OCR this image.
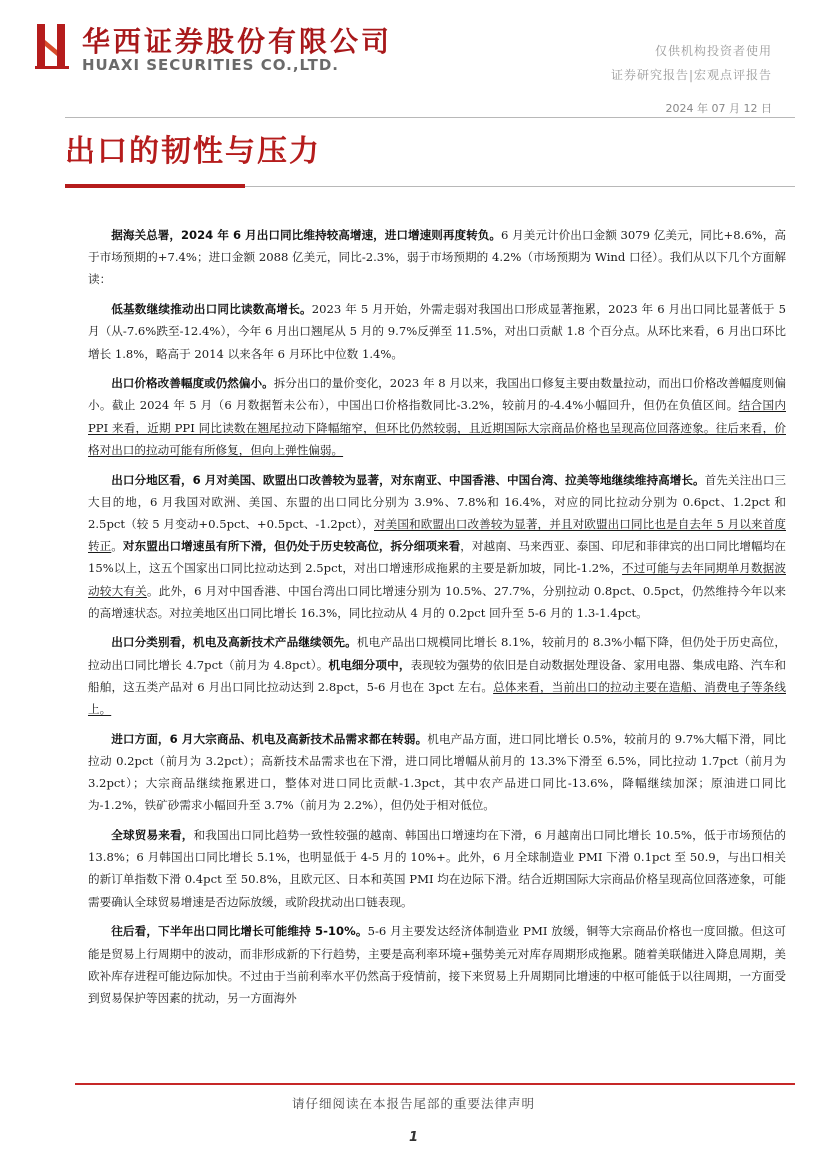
华西证券股份有限公司
HUAXI SECURITIES CO.,LTD.
仅供机构投资者使用
证券研究报告|宏观点评报告
2024 年 07 月 12 日
出口的韧性与压力

据海关总署，2024 年 6 月出口同比维持较高增速，进口增速则再度转负。6 月美元计价出口金额 3079 亿美元，同比+8.6%，高于市场预期的+7.4%；进口金额 2088 亿美元，同比-2.3%，弱于市场预期的 4.2%（市场预期为 Wind 口径）。我们从以下几个方面解读：

低基数继续推动出口同比读数高增长。2023 年 5 月开始，外需走弱对我国出口形成显著拖累，2023 年 6 月出口同比显著低于 5 月（从-7.6%跌至-12.4%），今年 6 月出口翘尾从 5 月的 9.7%反弹至 11.5%，对出口贡献 1.8 个百分点。从环比来看，6 月出口环比增长 1.8%，略高于 2014 以来各年 6 月环比中位数 1.4%。

出口价格改善幅度或仍然偏小。拆分出口的量价变化，2023 年 8 月以来，我国出口修复主要由数量拉动，而出口价格改善幅度则偏小。截止 2024 年 5 月（6 月数据暂未公布），中国出口价格指数同比-3.2%，较前月的-4.4%小幅回升，但仍在负值区间。结合国内 PPI 来看，近期 PPI 同比读数在翘尾拉动下降幅缩窄，但环比仍然较弱，且近期国际大宗商品价格也呈现高位回落迹象。往后来看，价格对出口的拉动可能有所修复，但向上弹性偏弱。

出口分地区看，6 月对美国、欧盟出口改善较为显著，对东南亚、中国香港、中国台湾、拉美等地继续维持高增长。首先关注出口三大目的地，6 月我国对欧洲、美国、东盟的出口同比分别为 3.9%、7.8%和 16.4%，对应的同比拉动分别为 0.6pct、1.2pct 和 2.5pct（较 5 月变动+0.5pct、+0.5pct、-1.2pct），对美国和欧盟出口改善较为显著，并且对欧盟出口同比也是自去年 5 月以来首度转正。对东盟出口增速虽有所下滑，但仍处于历史较高位，拆分细项来看，对越南、马来西亚、泰国、印尼和菲律宾的出口同比增幅均在 15%以上，这五个国家出口同比拉动达到 2.5pct，对出口增速形成拖累的主要是新加坡，同比-1.2%，不过可能与去年同期单月数据波动较大有关。此外，6 月对中国香港、中国台湾出口同比增速分别为 10.5%、27.7%，分别拉动 0.8pct、0.5pct，仍然维持今年以来的高增速状态。对拉美地区出口同比增长 16.3%，同比拉动从 4 月的 0.2pct 回升至 5-6 月的 1.3-1.4pct。

出口分类别看，机电及高新技术产品继续领先。机电产品出口规模同比增长 8.1%，较前月的 8.3%小幅下降，但仍处于历史高位，拉动出口同比增长 4.7pct（前月为 4.8pct）。机电细分项中，表现较为强势的依旧是自动数据处理设备、家用电器、集成电路、汽车和船舶，这五类产品对 6 月出口同比拉动达到 2.8pct，5-6 月也在 3pct 左右。总体来看，当前出口的拉动主要在造船、消费电子等条线上。

进口方面，6 月大宗商品、机电及高新技术品需求都在转弱。机电产品方面，进口同比增长 0.5%，较前月的 9.7%大幅下滑，同比拉动 0.2pct（前月为 3.2pct）；高新技术品需求也在下滑，进口同比增幅从前月的 13.3%下滑至 6.5%，同比拉动 1.7pct（前月为 3.2pct）；大宗商品继续拖累进口，整体对进口同比贡献-1.3pct，其中农产品进口同比-13.6%，降幅继续加深；原油进口同比为-1.2%，铁矿砂需求小幅回升至 3.7%（前月为 2.2%），但仍处于相对低位。

全球贸易来看，和我国出口同比趋势一致性较强的越南、韩国出口增速均在下滑，6 月越南出口同比增长 10.5%，低于市场预估的 13.8%；6 月韩国出口同比增长 5.1%，也明显低于 4-5 月的 10%+。此外，6 月全球制造业 PMI 下滑 0.1pct 至 50.9，与出口相关的新订单指数下滑 0.4pct 至 50.8%，且欧元区、日本和英国 PMI 均在边际下滑。结合近期国际大宗商品价格呈现高位回落迹象，可能需要确认全球贸易增速是否边际放缓，或阶段扰动出口链表现。

往后看，下半年出口同比增长可能维持 5-10%。5-6 月主要发达经济体制造业 PMI 放缓，铜等大宗商品价格也一度回撤。但这可能是贸易上行周期中的波动，而非形成新的下行趋势，主要是高利率环境+强势美元对库存周期形成拖累。随着美联储进入降息周期，美欧补库存进程可能边际加快。不过由于当前利率水平仍然高于疫情前，接下来贸易上升周期同比增速的中枢可能低于以往周期，一方面受到贸易保护等因素的扰动，另一方面海外

请仔细阅读在本报告尾部的重要法律声明
1
